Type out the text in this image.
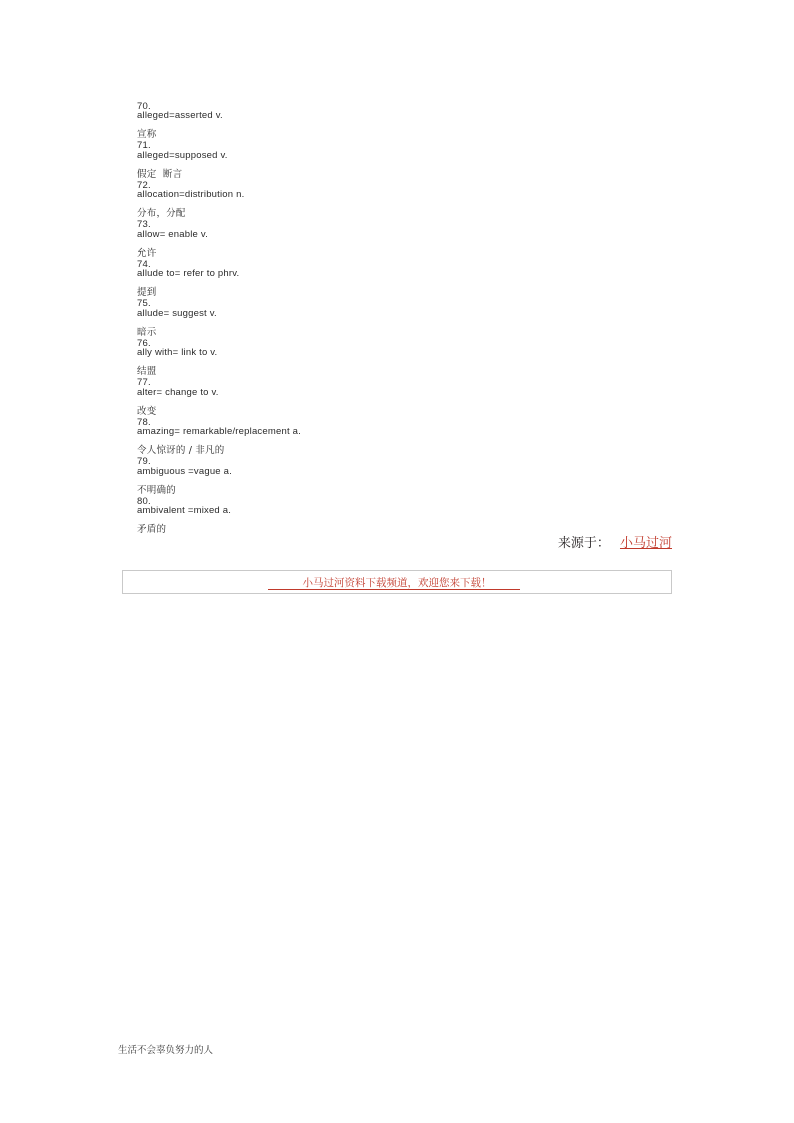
70.
alleged=asserted v.

宣称

71.
alleged=supposed v.

假定  断言

72.
allocation=distribution n.

分布，分配

73.
allow= enable v.

允许

74.
allude to= refer to phrv.

提到

75.
allude= suggest v.

暗示

76.
ally with= link to v.

结盟

77.
alter= change to v.

改变

78.
amazing= remarkable/replacement a.

令人惊讶的 / 非凡的

79.
ambiguous =vague a.

不明确的

80.
ambivalent =mixed a.

矛盾的

来源于： 小马过河
小马过河资料下载频道，欢迎您来下载！
生活不会辜负努力的人
